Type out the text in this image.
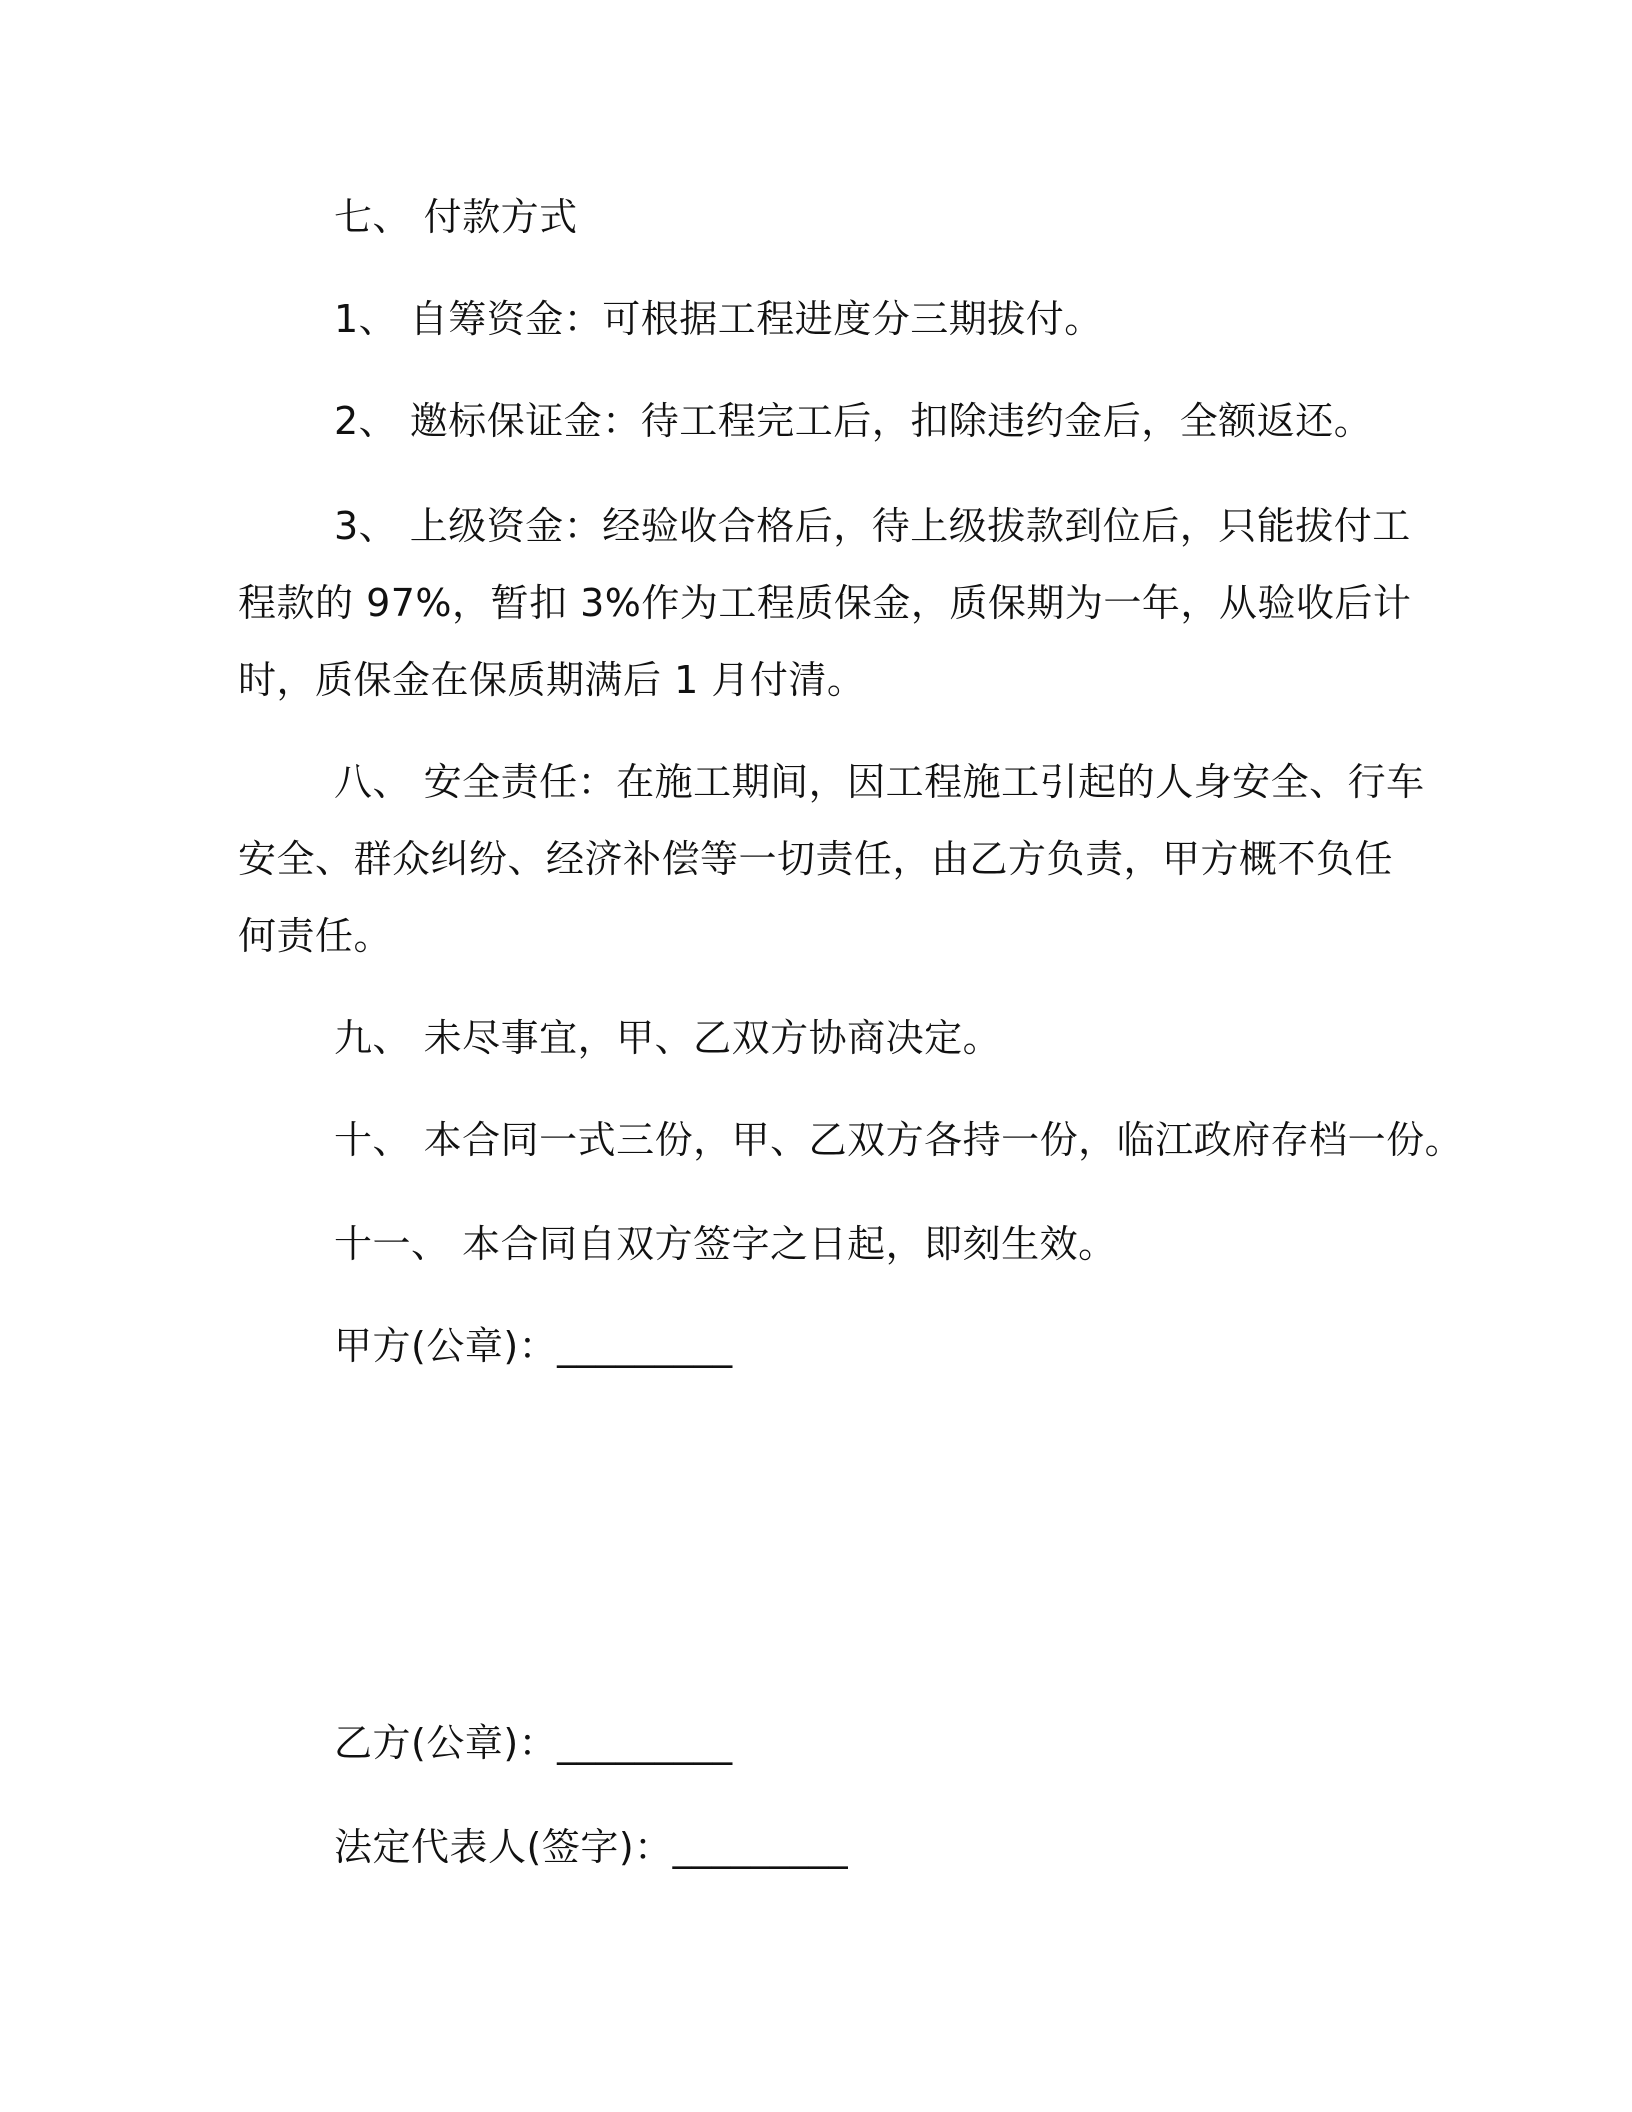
七、 付款方式
1、 自筹资金：可根据工程进度分三期拔付。
2、 邀标保证金：待工程完工后，扣除违约金后，全额返还。
3、 上级资金：经验收合格后，待上级拔款到位后，只能拔付工
程款的 97%，暂扣 3%作为工程质保金，质保期为一年，从验收后计
时，质保金在保质期满后 1 月付清。
八、 安全责任：在施工期间，因工程施工引起的人身安全、行车
安全、群众纠纷、经济补偿等一切责任，由乙方负责，甲方概不负任
何责任。
九、 未尽事宜，甲、乙双方协商决定。
十、 本合同一式三份，甲、乙双方各持一份，临江政府存档一份。
十一、 本合同自双方签字之日起，即刻生效。
甲方(公章)：_________
乙方(公章)：_________
法定代表人(签字)：_________
